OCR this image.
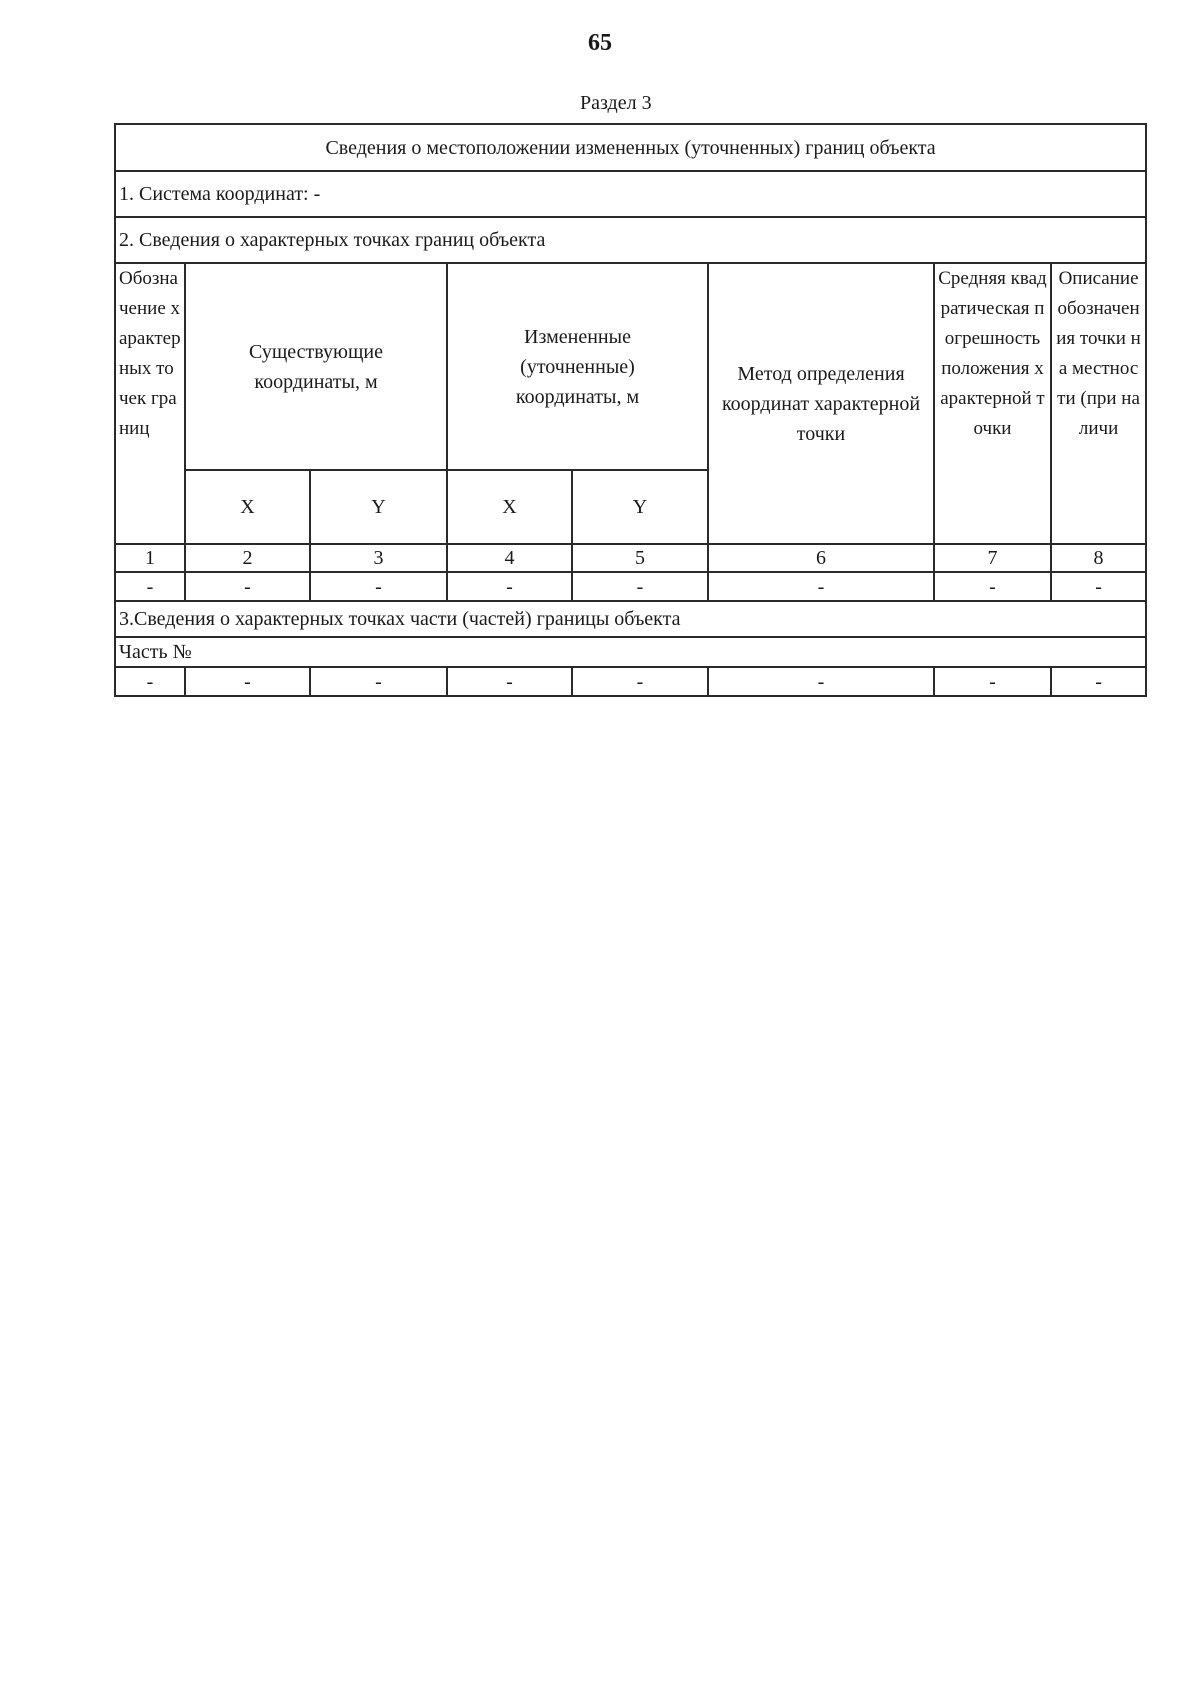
65
Раздел 3
Сведения о местоположении измененных (уточненных) границ объекта							
1. Система координат: -							
2. Сведения о характерных точках границ объекта							
Обозначение характерных точек границ	Существующие координаты, м		Измененные (уточненные) координаты, м		Метод определения координат характерной точки	Средняя квадратическая погрешность положения характерной точки	Описание обозначения точки на местности (при наличи
	X	Y	X	Y			
1	2	3	4	5	6	7	8
-	-	-	-	-	-	-	-
3.Сведения о характерных точках части (частей) границы объекта							
Часть №							
-	-	-	-	-	-	-	-
